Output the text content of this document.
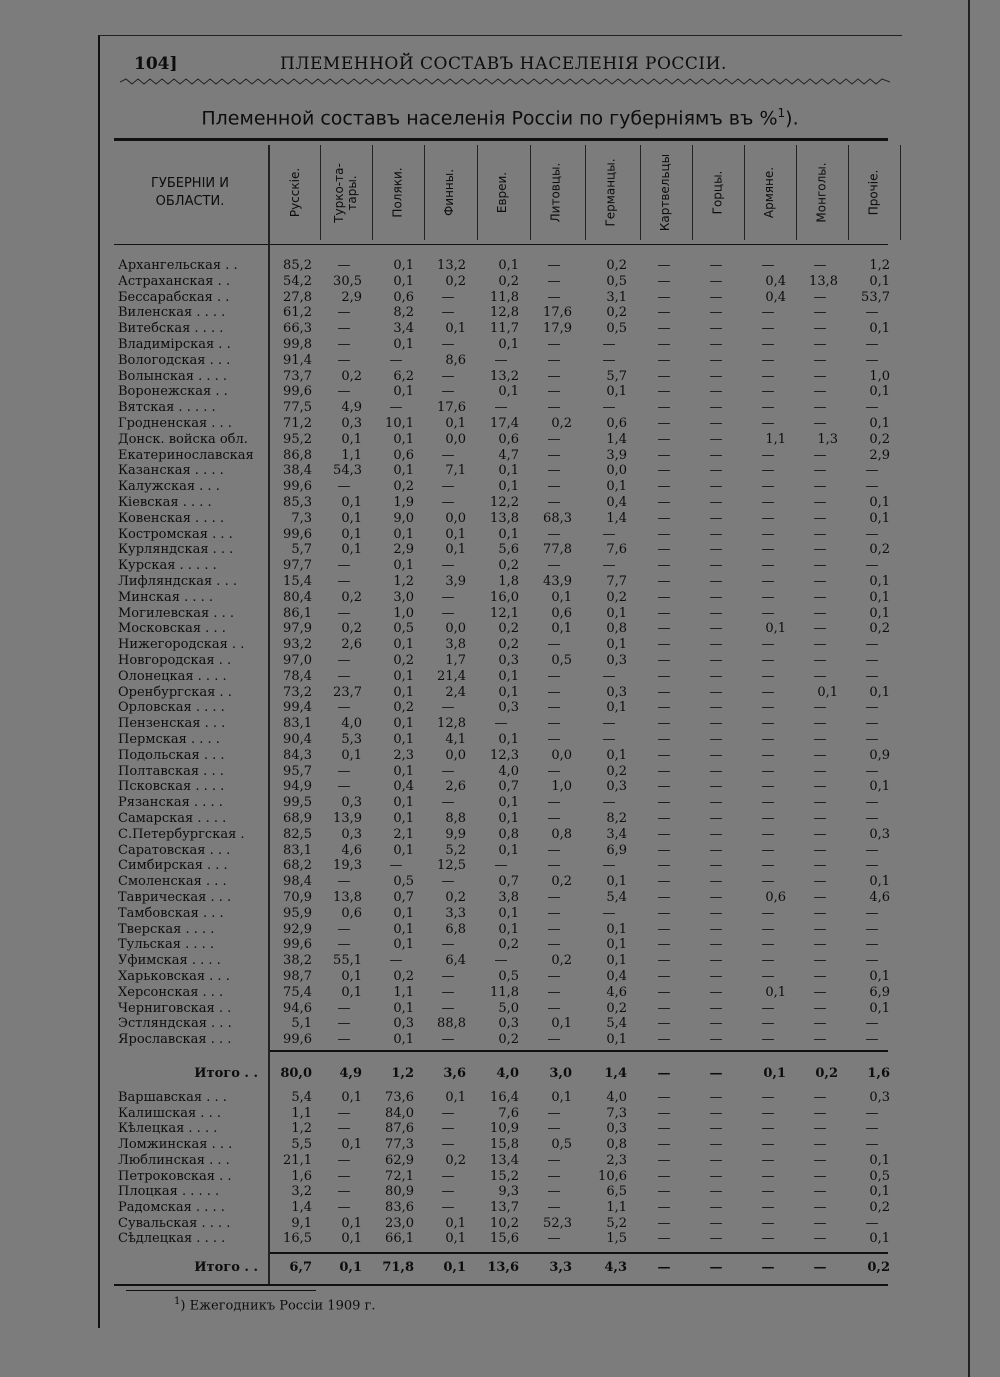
104]	ПЛЕМЕННОЙ СОСТАВЪ НАСЕЛЕНІЯ РОССІИ.
Племенной составъ населенія Россіи по губерніямъ въ %$^1$).
ГУБЕРНІИ И
ОБЛАСТИ.	Русскіе. Турко-та-
тары.	Поляки.	Финны.	Евреи.	Литовцы.	Германцы.	Картвельцы	Горцы.	Армяне.	Монголы.	Прочіе.
Архангельская . .	85,2	—	0,1	13,2	0,1	—	0,2	—	—	—	—	1,2
Астраханская . .	54,2	30,5	0,1	0,2	0,2	—	0,5	—	—	0,4	13,8	0,1
Бессарабская . .	27,8	2,9	0,6	—	11,8	—	3,1	—	—	0,4	—	53,7
Виленская . . . .	61,2	—	8,2	—	12,8	17,6	0,2	—	—	—	—	—
Витебская . . . .	66,3	—	3,4	0,1	11,7	17,9	0,5	—	—	—	—	0,1
Владимірская . .	99,8	—	0,1	—	0,1	—	—	—	—	—	—	—
Вологодская . . .	91,4	—	—	8,6	—	—	—	—	—	—	—	—
Волынская . . . .	73,7	0,2	6,2	—	13,2	—	5,7	—	—	—	—	1,0
Воронежская . .	99,6	—	0,1	—	0,1	—	0,1	—	—	—	—	0,1
Вятская . . . . .	77,5	4,9	—	17,6	—	—	—	—	—	—	—	—
Гродненская . . .	71,2	0,3	10,1	0,1	17,4	0,2	0,6	—	—	—	—	0,1
Донск. войска обл.	95,2	0,1	0,1	0,0	0,6	—	1,4	—	—	1,1	1,3	0,2
Екатеринославская	86,8	1,1	0,6	—	4,7	—	3,9	—	—	—	—	2,9
Казанская . . . .	38,4	54,3	0,1	7,1	0,1	—	0,0	—	—	—	—	—
Калужская . . .	99,6	—	0,2	—	0,1	—	0,1	—	—	—	—	—
Кіевская . . . .	85,3	0,1	1,9	—	12,2	—	0,4	—	—	—	—	0,1
Ковенская . . . .	7,3	0,1	9,0	0,0	13,8	68,3	1,4	—	—	—	—	0,1
Костромская . . .	99,6	0,1	0,1	0,1	0,1	—	—	—	—	—	—	—
Курляндская . . .	5,7	0,1	2,9	0,1	5,6	77,8	7,6	—	—	—	—	0,2
Курская . . . . .	97,7	—	0,1	—	0,2	—	—	—	—	—	—	—
Лифляндская . . .	15,4	—	1,2	3,9	1,8	43,9	7,7	—	—	—	—	0,1
Минская . . . .	80,4	0,2	3,0	—	16,0	0,1	0,2	—	—	—	—	0,1
Могилевская . . .	86,1	—	1,0	—	12,1	0,6	0,1	—	—	—	—	0,1
Московская . . .	97,9	0,2	0,5	0,0	0,2	0,1	0,8	—	—	0,1	—	0,2
Нижегородская . .	93,2	2,6	0,1	3,8	0,2	—	0,1	—	—	—	—	—
Новгородская . .	97,0	—	0,2	1,7	0,3	0,5	0,3	—	—	—	—	—
Олонецкая . . . .	78,4	—	0,1	21,4	0,1	—	—	—	—	—	—	—
Оренбургская . .	73,2	23,7	0,1	2,4	0,1	—	0,3	—	—	—	0,1	0,1
Орловская . . . .	99,4	—	0,2	—	0,3	—	0,1	—	—	—	—	—
Пензенская . . .	83,1	4,0	0,1	12,8	—	—	—	—	—	—	—	—
Пермская . . . .	90,4	5,3	0,1	4,1	0,1	—	—	—	—	—	—	—
Подольская . . .	84,3	0,1	2,3	0,0	12,3	0,0	0,1	—	—	—	—	0,9
Полтавская . . .	95,7	—	0,1	—	4,0	—	0,2	—	—	—	—	—
Псковская . . . .	94,9	—	0,4	2,6	0,7	1,0	0,3	—	—	—	—	0,1
Рязанская . . . .	99,5	0,3	0,1	—	0,1	—	—	—	—	—	—	—
Самарская . . . .	68,9	13,9	0,1	8,8	0,1	—	8,2	—	—	—	—	—
С.Петербургская .	82,5	0,3	2,1	9,9	0,8	0,8	3,4	—	—	—	—	0,3
Саратовская . . .	83,1	4,6	0,1	5,2	0,1	—	6,9	—	—	—	—	—
Симбирская . . .	68,2	19,3	—	12,5	—	—	—	—	—	—	—	—
Смоленская . . .	98,4	—	0,5	—	0,7	0,2	0,1	—	—	—	—	0,1
Таврическая . . .	70,9	13,8	0,7	0,2	3,8	—	5,4	—	—	0,6	—	4,6
Тамбовская . . .	95,9	0,6	0,1	3,3	0,1	—	—	—	—	—	—	—
Тверская . . . .	92,9	—	0,1	6,8	0,1	—	0,1	—	—	—	—	—
Тульская . . . .	99,6	—	0,1	—	0,2	—	0,1	—	—	—	—	—
Уфимская . . . .	38,2	55,1	—	6,4	—	0,2	0,1	—	—	—	—	—
Харьковская . . .	98,7	0,1	0,2	—	0,5	—	0,4	—	—	—	—	0,1
Херсонская . . .	75,4	0,1	1,1	—	11,8	—	4,6	—	—	0,1	—	6,9
Черниговская . .	94,6	—	0,1	—	5,0	—	0,2	—	—	—	—	0,1
Эстляндская . . .	5,1	—	0,3	88,8	0,3	0,1	5,4	—	—	—	—	—
Ярославская . . .	99,6	—	0,1	—	0,2	—	0,1	—	—	—	—	—
Итого . .	80,0	4,9	1,2	3,6	4,0	3,0	1,4	—	—	0,1	0,2	1,6
Варшавская . . .	5,4	0,1	73,6	0,1	16,4	0,1	4,0	—	—	—	—	0,3
Калишская . . .	1,1	—	84,0	—	7,6	—	7,3	—	—	—	—	—
Кѣлецкая . . . .	1,2	—	87,6	—	10,9	—	0,3	—	—	—	—	—
Ломжинская . . .	5,5	0,1	77,3	—	15,8	0,5	0,8	—	—	—	—	—
Люблинская . . .	21,1	—	62,9	0,2	13,4	—	2,3	—	—	—	—	0,1
Петроковская . .	1,6	—	72,1	—	15,2	—	10,6	—	—	—	—	0,5
Плоцкая . . . . .	3,2	—	80,9	—	9,3	—	6,5	—	—	—	—	0,1
Радомская . . . .	1,4	—	83,6	—	13,7	—	1,1	—	—	—	—	0,2
Сувальская . . . .	9,1	0,1	23,0	0,1	10,2	52,3	5,2	—	—	—	—	—
Сѣдлецкая . . . .	16,5	0,1	66,1	0,1	15,6	—	1,5	—	—	—	—	0,1
Итого . .	6,7	0,1	71,8	0,1	13,6	3,3	4,3	—	—	—	—	0,2
$^1$) Ежегодникъ Россіи 1909 г.
